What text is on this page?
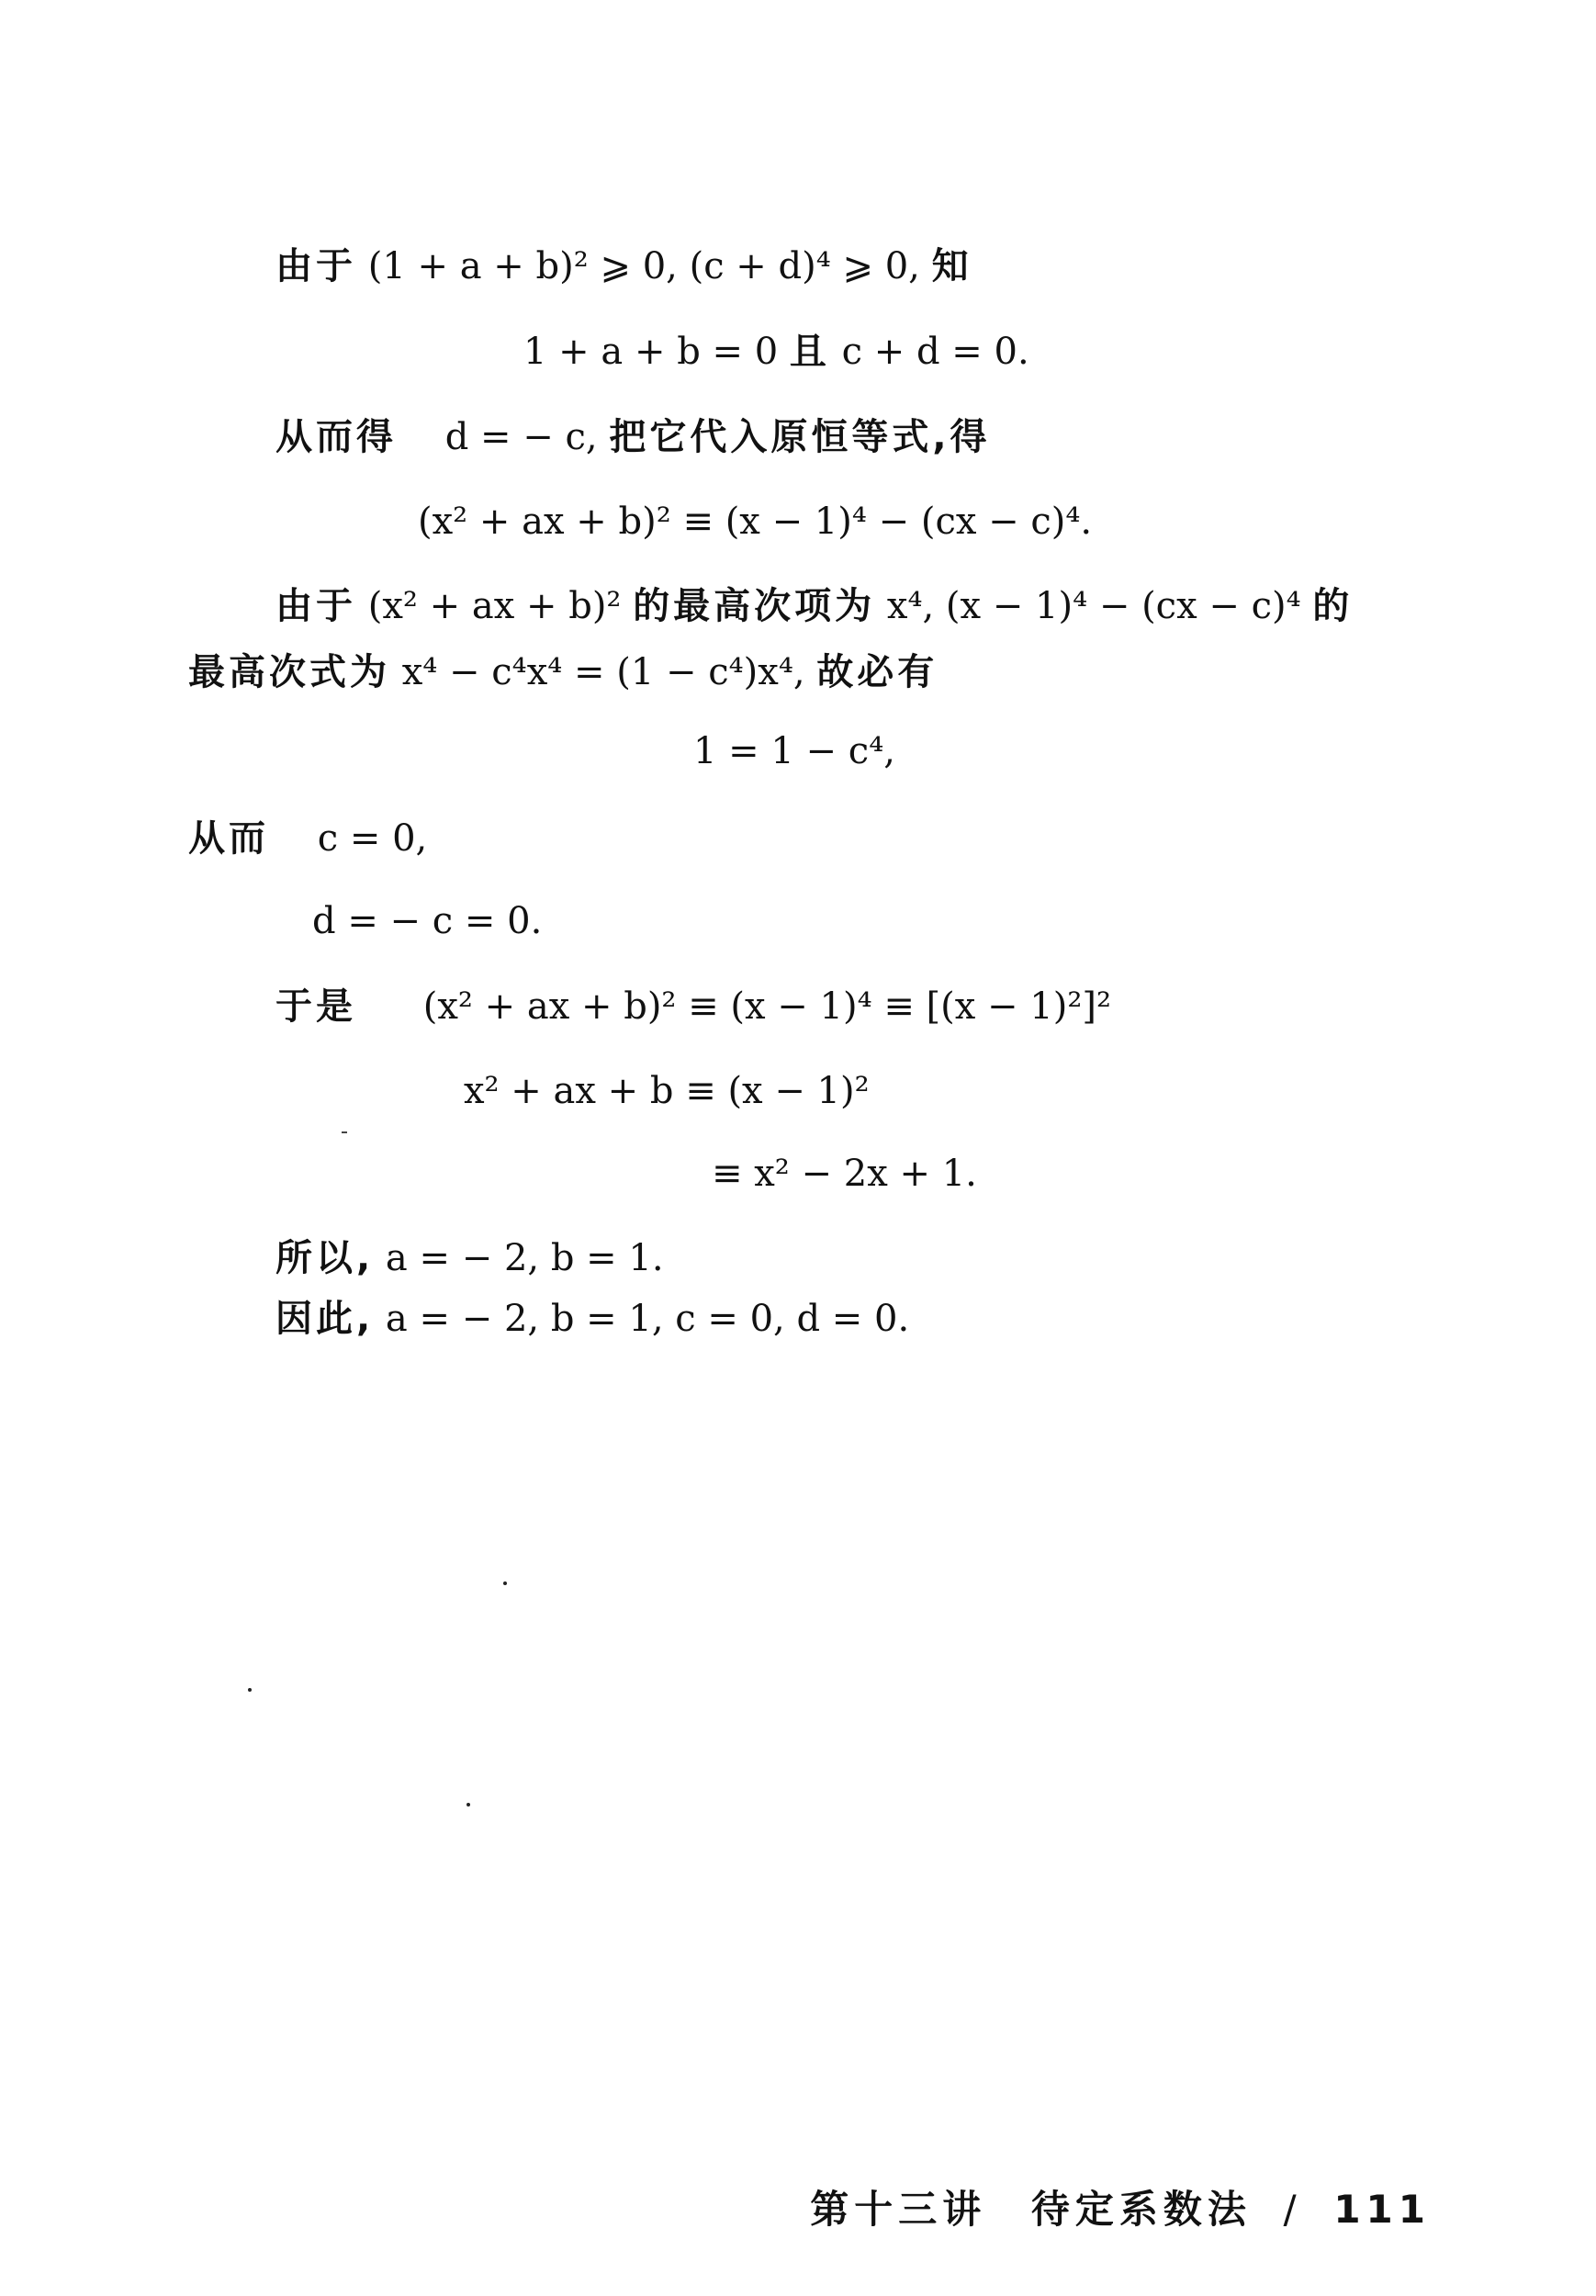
由于 (1 + a + b)² ⩾ 0, (c + d)⁴ ⩾ 0, 知
1 + a + b = 0 且 c + d = 0.
从而得 d = − c, 把它代入原恒等式,得
(x² + ax + b)² ≡ (x − 1)⁴ − (cx − c)⁴.
由于 (x² + ax + b)² 的最高次项为 x⁴, (x − 1)⁴ − (cx − c)⁴ 的
最高次式为 x⁴ − c⁴x⁴ = (1 − c⁴)x⁴, 故必有
1 = 1 − c⁴,
从而 c = 0,
d = − c = 0.
于是 (x² + ax + b)² ≡ (x − 1)⁴ ≡ [(x − 1)²]²
x² + ax + b ≡ (x − 1)²
≡ x² − 2x + 1.
所以, a = − 2, b = 1.
因此, a = − 2, b = 1, c = 0, d = 0.
第十三讲 待定系数法 / 111
